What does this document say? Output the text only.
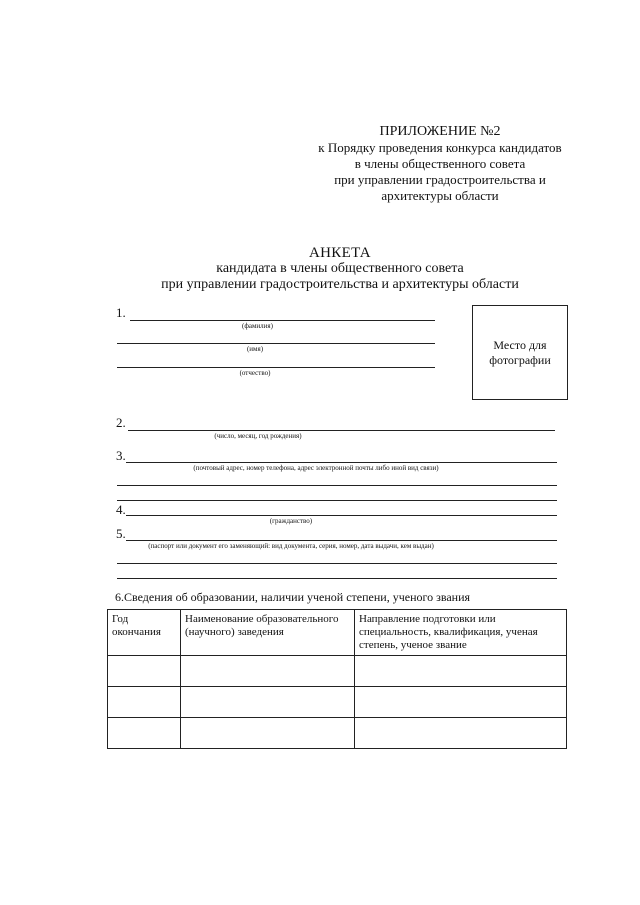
ПРИЛОЖЕНИЕ №2
к Порядку проведения конкурса кандидатов
в члены общественного совета
при управлении градостроительства и
архитектуры области
АНКЕТА
кандидата в члены общественного совета
при управлении градостроительства и архитектуры области
1.
(фамилия)
(имя)
(отчество)
Место для
фотографии
2.
(число, месяц, год рождения)
3.
(почтовый адрес, номер телефона, адрес электронной почты либо иной вид связи)
4.
(гражданство)
5.
(паспорт или документ его заменяющий: вид документа, серия, номер, дата выдачи, кем выдан)
6.Сведения об образовании, наличии ученой степени, ученого звания
Год окончания	Наименование образовательного (научного) заведения	Направление подготовки или специальность, квалификация, ученая степень, ученое звание
